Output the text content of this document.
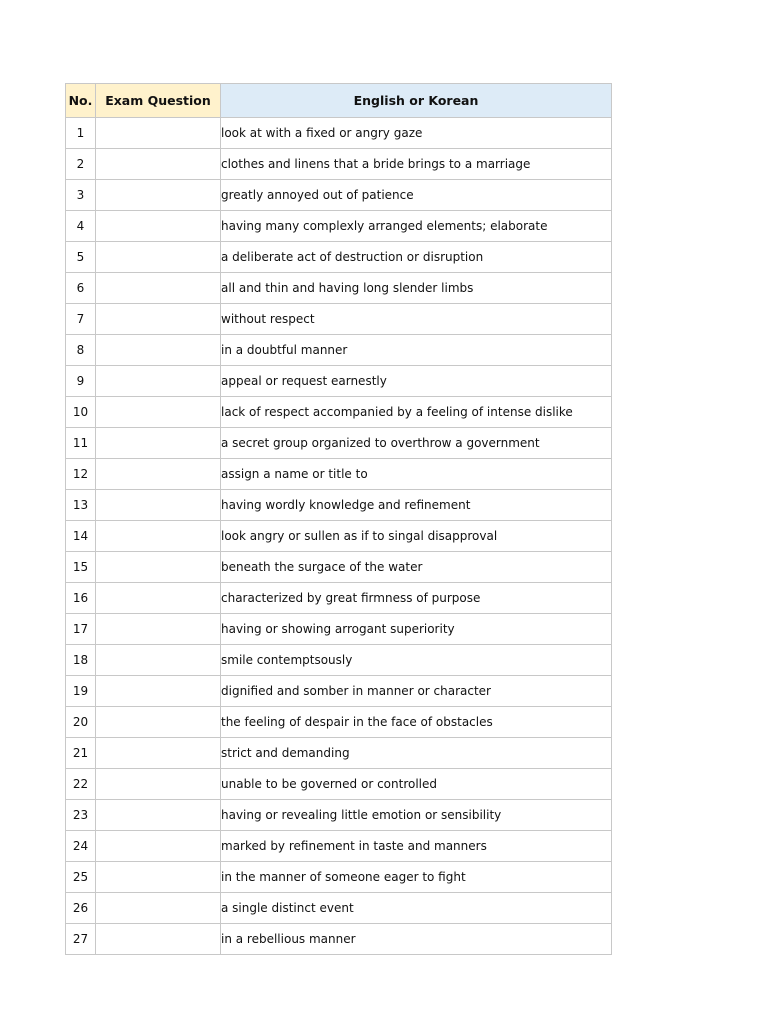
No.	Exam Question	English or Korean
1		look at with a fixed or angry gaze
2		clothes and linens that a bride brings to a marriage
3		greatly annoyed out of patience
4		having many complexly arranged elements; elaborate
5		a deliberate act of destruction or disruption
6		all and thin and having long slender limbs
7		without respect
8		in a doubtful manner
9		appeal or request earnestly
10		lack of respect accompanied by a feeling of intense dislike
11		a secret group organized to overthrow a government
12		assign a name or title to
13		having wordly knowledge and refinement
14		look angry or sullen as if to singal disapproval
15		beneath the surgace of the water
16		characterized by great firmness of purpose
17		having or showing arrogant superiority
18		smile contemptsously
19		dignified and somber in manner or character
20		the feeling of despair in the face of obstacles
21		strict and demanding
22		unable to be governed or controlled
23		having or revealing little emotion or sensibility
24		marked by refinement in taste and manners
25		in the manner of someone eager to fight
26		a single distinct event
27		in a rebellious manner
